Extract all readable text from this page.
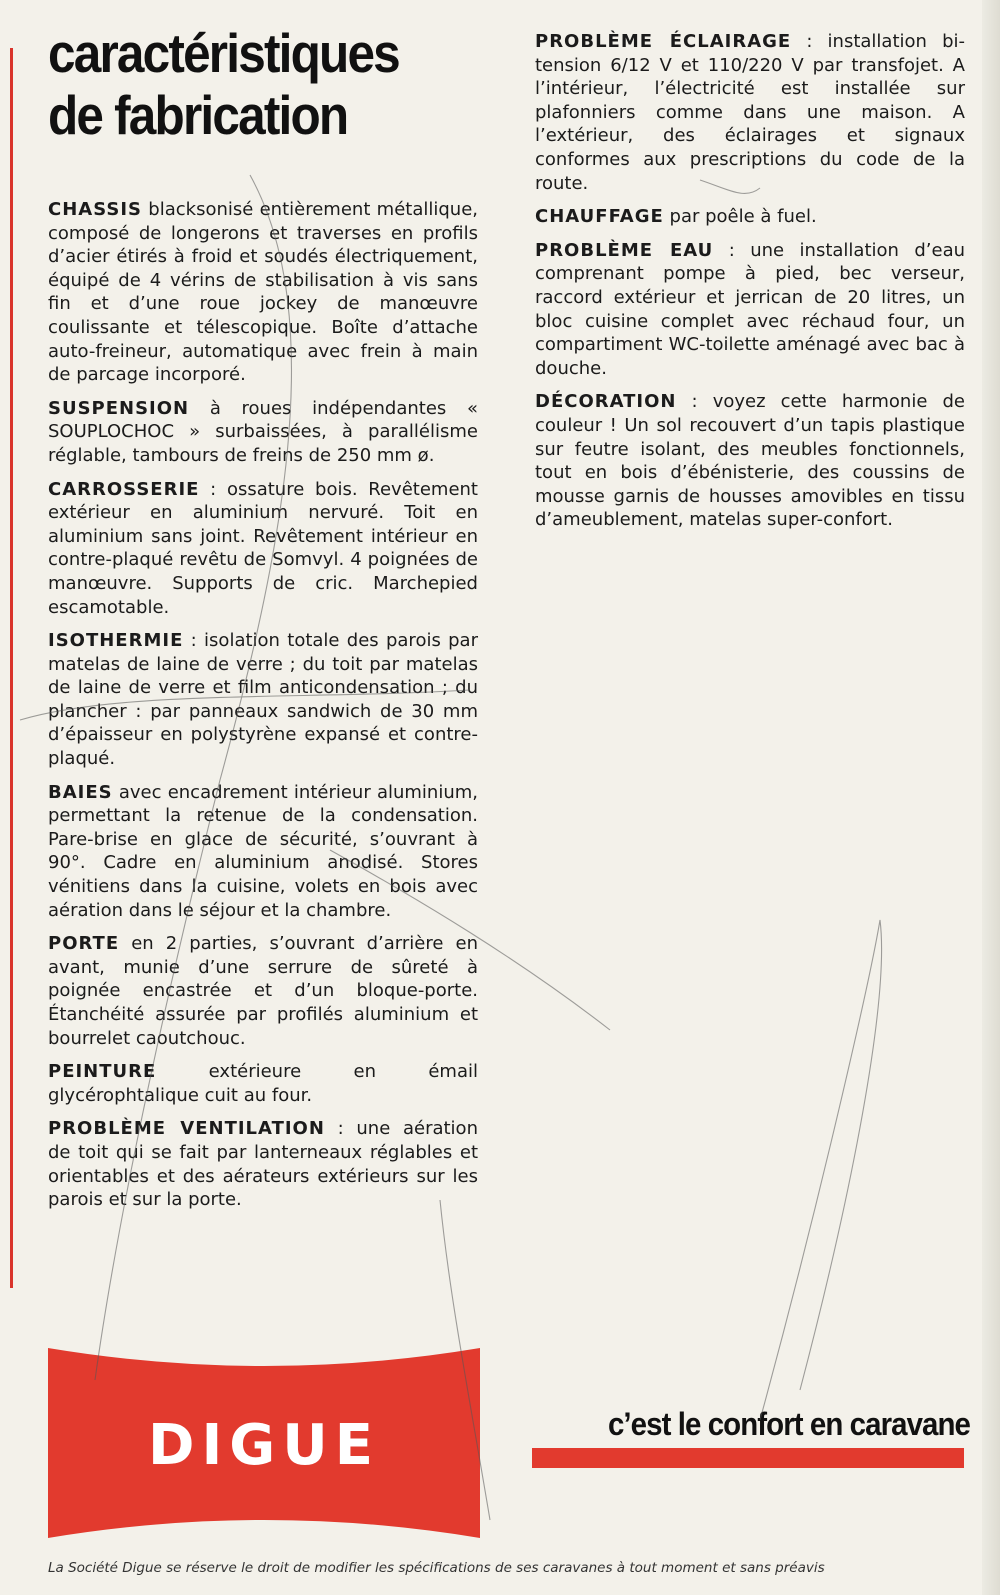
caractéristiques
de fabrication

CHASSIS blacksonisé entièrement métallique, composé de longerons et traverses en profils d’acier étirés à froid et soudés électriquement, équipé de 4 vérins de stabilisation à vis sans fin et d’une roue jockey de manœuvre coulissante et télescopique. Boîte d’attache auto-freineur, automatique avec frein à main de parcage incorporé.

SUSPENSION à roues indépendantes « SOUPLOCHOC » surbaissées, à parallélisme réglable, tambours de freins de 250 mm ø.

CARROSSERIE : ossature bois. Revêtement extérieur en aluminium nervuré. Toit en aluminium sans joint. Revêtement intérieur en contre-plaqué revêtu de Somvyl. 4 poignées de manœuvre. Supports de cric. Marchepied escamotable.

ISOTHERMIE : isolation totale des parois par matelas de laine de verre ; du toit par matelas de laine de verre et film anticondensation ; du plancher : par panneaux sandwich de 30 mm d’épaisseur en polystyrène expansé et contre-plaqué.

BAIES avec encadrement intérieur aluminium, permettant la retenue de la condensation. Pare-brise en glace de sécurité, s’ouvrant à 90°. Cadre en aluminium anodisé. Stores vénitiens dans la cuisine, volets en bois avec aération dans le séjour et la chambre.

PORTE en 2 parties, s’ouvrant d’arrière en avant, munie d’une serrure de sûreté à poignée encastrée et d’un bloque-porte. Étanchéité assurée par profilés aluminium et bourrelet caoutchouc.

PEINTURE extérieure en émail glycérophtalique cuit au four.

PROBLÈME VENTILATION : une aération de toit qui se fait par lanterneaux réglables et orientables et des aérateurs extérieurs sur les parois et sur la porte.

PROBLÈME ÉCLAIRAGE : installation bi-tension 6/12 V et 110/220 V par transfojet. A l’intérieur, l’électricité est installée sur plafonniers comme dans une maison. A l’extérieur, des éclairages et signaux conformes aux prescriptions du code de la route.

CHAUFFAGE par poêle à fuel.

PROBLÈME EAU : une installation d’eau comprenant pompe à pied, bec verseur, raccord extérieur et jerrican de 20 litres, un bloc cuisine complet avec réchaud four, un compartiment WC-toilette aménagé avec bac à douche.

DÉCORATION : voyez cette harmonie de couleur ! Un sol recouvert d’un tapis plastique sur feutre isolant, des meubles fonctionnels, tout en bois d’ébénisterie, des coussins de mousse garnis de housses amovibles en tissu d’ameublement, matelas super-confort.

DIGUE	c’est le confort en caravane
La Société Digue se réserve le droit de modifier les spécifications de ses caravanes à tout moment et sans préavis
